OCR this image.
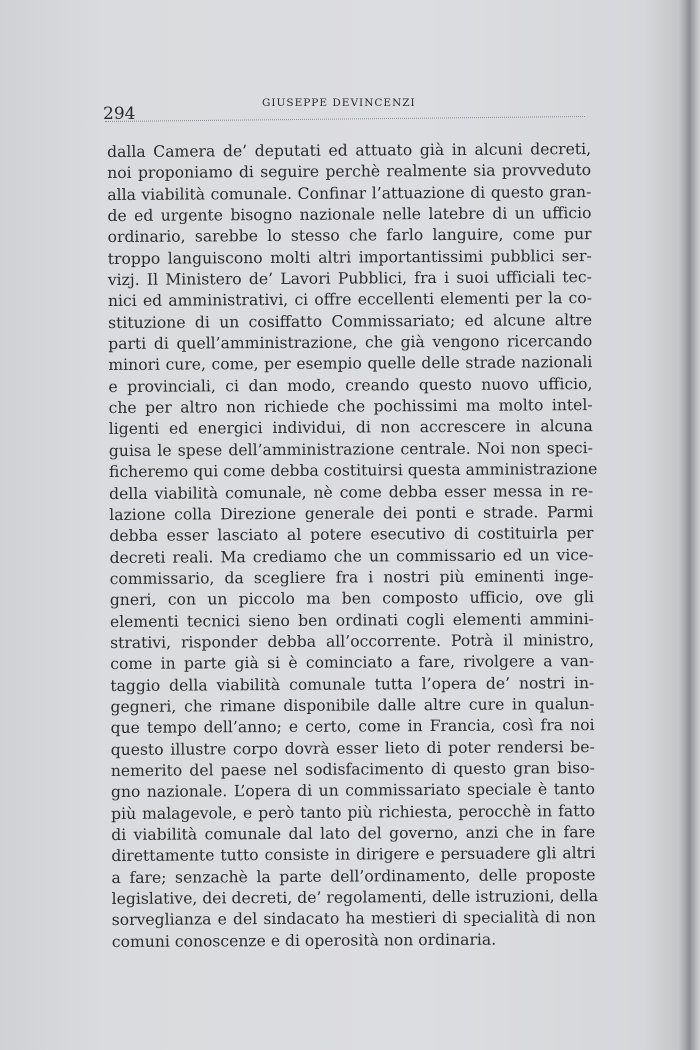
294
GIUSEPPE DEVINCENZI
dalla Camera de’ deputati ed attuato già in alcuni decreti,
noi proponiamo di seguire perchè realmente sia provveduto
alla viabilità comunale. Confinar l’attuazione di questo gran-
de ed urgente bisogno nazionale nelle latebre di un ufficio
ordinario, sarebbe lo stesso che farlo languire, come pur
troppo languiscono molti altri importantissimi pubblici ser-
vizj. Il Ministero de’ Lavori Pubblici, fra i suoi ufficiali tec-
nici ed amministrativi, ci offre eccellenti elementi per la co-
stituzione di un cosiffatto Commissariato; ed alcune altre
parti di quell’amministrazione, che già vengono ricercando
minori cure, come, per esempio quelle delle strade nazionali
e provinciali, ci dan modo, creando questo nuovo ufficio,
che per altro non richiede che pochissimi ma molto intel-
ligenti ed energici individui, di non accrescere in alcuna
guisa le spese dell’amministrazione centrale. Noi non speci-
ficheremo qui come debba costituirsi questa amministrazione
della viabilità comunale, nè come debba esser messa in re-
lazione colla Direzione generale dei ponti e strade. Parmi
debba esser lasciato al potere esecutivo di costituirla per
decreti reali. Ma crediamo che un commissario ed un vice-
commissario, da scegliere fra i nostri più eminenti inge-
gneri, con un piccolo ma ben composto ufficio, ove gli
elementi tecnici sieno ben ordinati cogli elementi ammini-
strativi, risponder debba all’occorrente. Potrà il ministro,
come in parte già si è cominciato a fare, rivolgere a van-
taggio della viabilità comunale tutta l’opera de’ nostri in-
gegneri, che rimane disponibile dalle altre cure in qualun-
que tempo dell’anno; e certo, come in Francia, così fra noi
questo illustre corpo dovrà esser lieto di poter rendersi be-
nemerito del paese nel sodisfacimento di questo gran biso-
gno nazionale. L’opera di un commissariato speciale è tanto
più malagevole, e però tanto più richiesta, perocchè in fatto
di viabilità comunale dal lato del governo, anzi che in fare
direttamente tutto consiste in dirigere e persuadere gli altri
a fare; senzachè la parte dell’ordinamento, delle proposte
legislative, dei decreti, de’ regolamenti, delle istruzioni, della
sorveglianza e del sindacato ha mestieri di specialità di non
comuni conoscenze e di operosità non ordinaria.
